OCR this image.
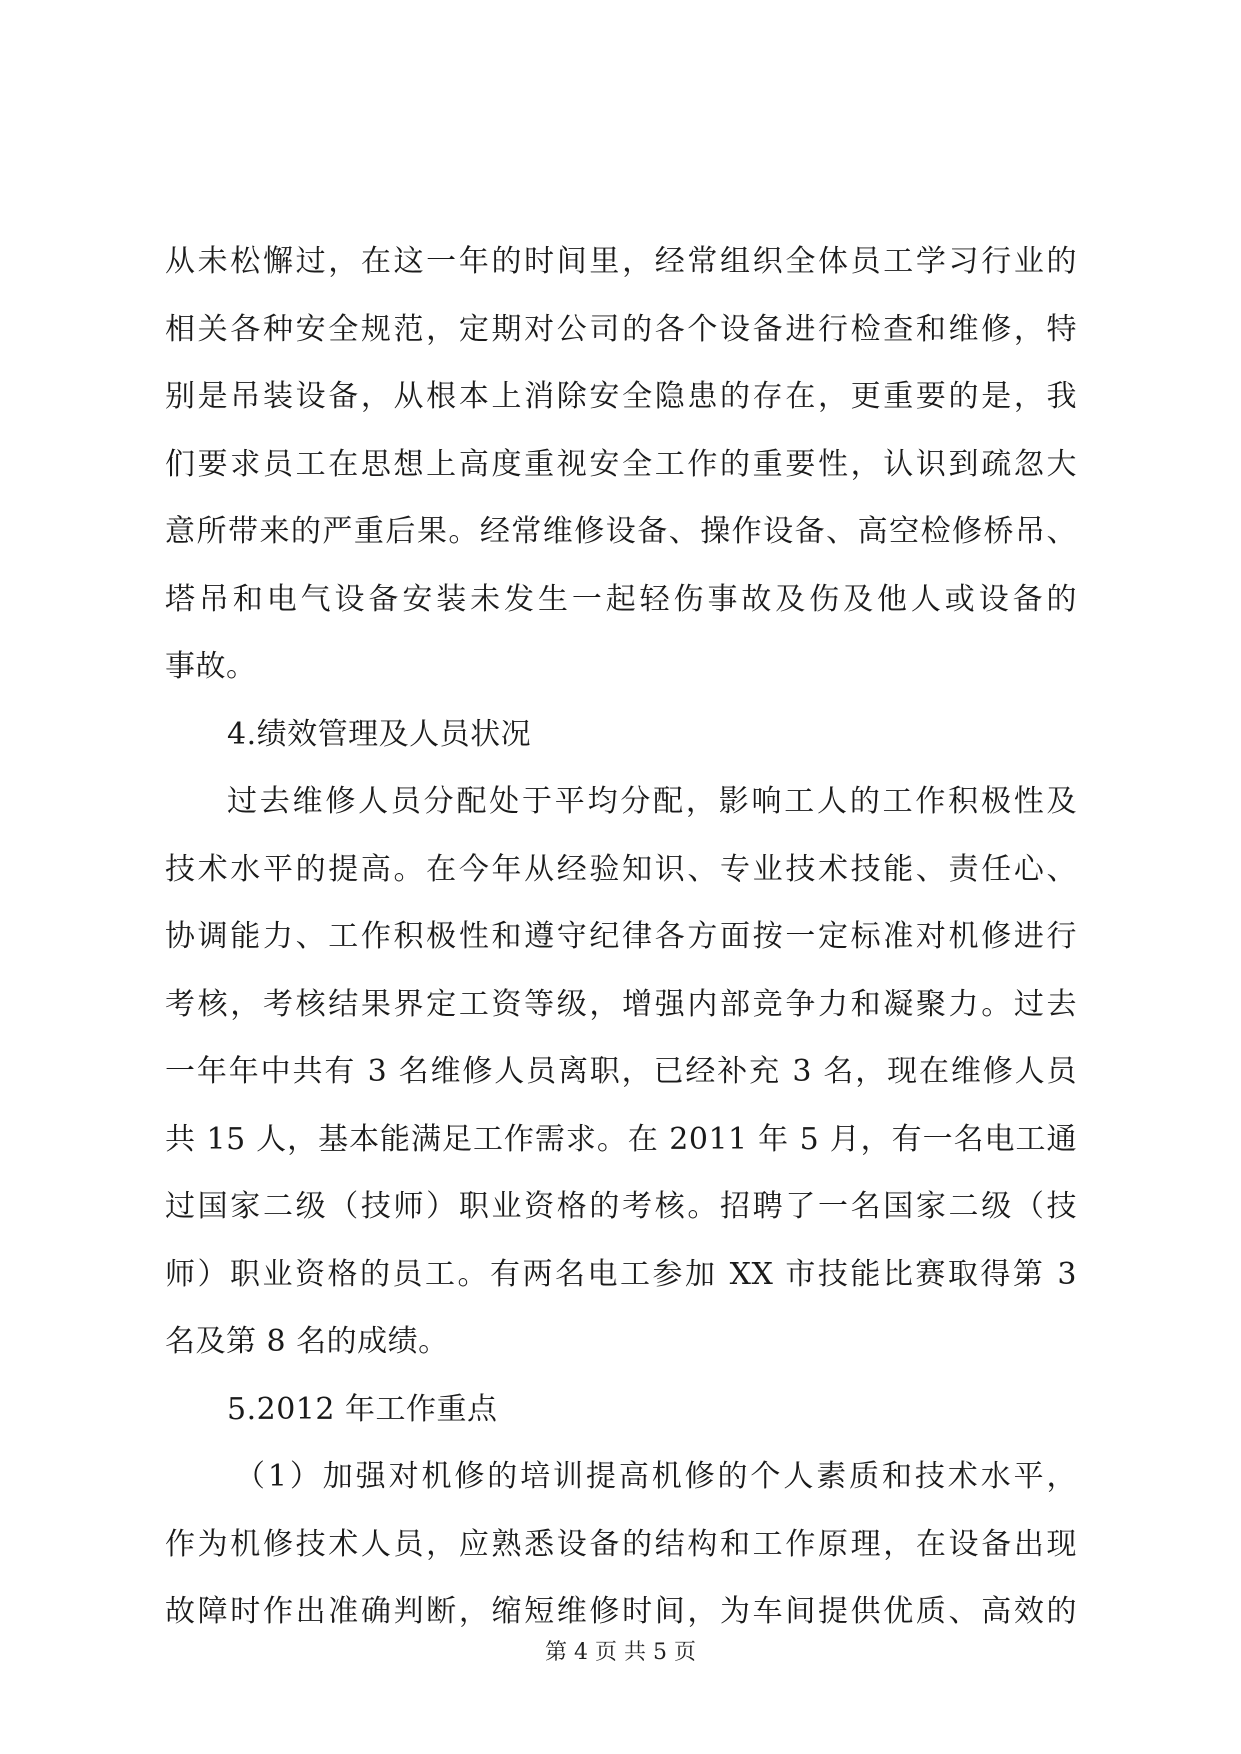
从未松懈过，在这一年的时间里，经常组织全体员工学习行业的
相关各种安全规范，定期对公司的各个设备进行检查和维修，特
别是吊装设备，从根本上消除安全隐患的存在，更重要的是，我
们要求员工在思想上高度重视安全工作的重要性，认识到疏忽大
意所带来的严重后果。经常维修设备、操作设备、高空检修桥吊、
塔吊和电气设备安装未发生一起轻伤事故及伤及他人或设备的
事故。
4.绩效管理及人员状况
过去维修人员分配处于平均分配，影响工人的工作积极性及
技术水平的提高。在今年从经验知识、专业技术技能、责任心、
协调能力、工作积极性和遵守纪律各方面按一定标准对机修进行
考核，考核结果界定工资等级，增强内部竞争力和凝聚力。过去
一年年中共有 3 名维修人员离职，已经补充 3 名，现在维修人员
共 15 人，基本能满足工作需求。在 2011 年 5 月，有一名电工通
过国家二级（技师）职业资格的考核。招聘了一名国家二级（技
师）职业资格的员工。有两名电工参加 XX 市技能比赛取得第 3
名及第 8 名的成绩。
5.2012 年工作重点
（1）加强对机修的培训提高机修的个人素质和技术水平，
作为机修技术人员，应熟悉设备的结构和工作原理，在设备出现
故障时作出准确判断，缩短维修时间，为车间提供优质、高效的
第 4 页 共 5 页
